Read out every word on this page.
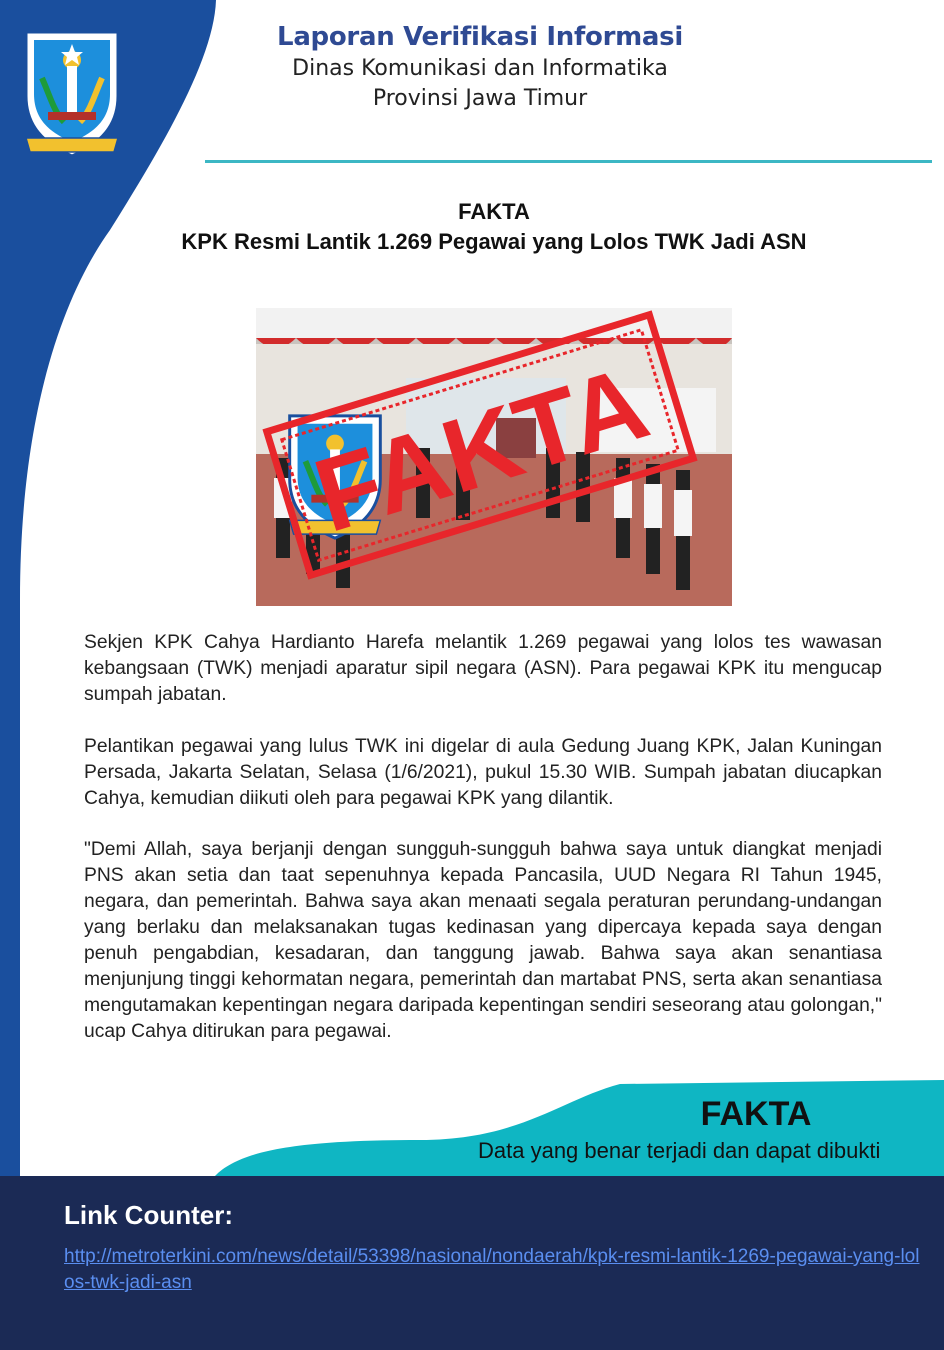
Laporan Verifikasi Informasi
Dinas Komunikasi dan Informatika
Provinsi Jawa Timur
FAKTA
KPK Resmi Lantik 1.269 Pegawai yang Lolos TWK Jadi ASN
FAKTA

Sekjen KPK Cahya Hardianto Harefa melantik 1.269 pegawai yang lolos tes wawasan kebangsaan (TWK) menjadi aparatur sipil negara (ASN). Para pegawai KPK itu mengucap sumpah jabatan.

Pelantikan pegawai yang lulus TWK ini digelar di aula Gedung Juang KPK, Jalan Kuningan Persada, Jakarta Selatan, Selasa (1/6/2021), pukul 15.30 WIB. Sumpah jabatan diucapkan Cahya, kemudian diikuti oleh para pegawai KPK yang dilantik.

"Demi Allah, saya berjanji dengan sungguh-sungguh bahwa saya untuk diangkat menjadi PNS akan setia dan taat sepenuhnya kepada Pancasila, UUD Negara RI Tahun 1945, negara, dan pemerintah. Bahwa saya akan menaati segala peraturan perundang-undangan yang berlaku dan melaksanakan tugas kedinasan yang dipercaya kepada saya dengan penuh pengabdian, kesadaran, dan tanggung jawab. Bahwa saya akan senantiasa menjunjung tinggi kehormatan negara, pemerintah dan martabat PNS, serta akan senantiasa mengutamakan kepentingan negara daripada kepentingan sendiri seseorang atau golongan," ucap Cahya ditirukan para pegawai.

FAKTA
Data yang benar terjadi dan dapat dibukti
Link Counter:
http://metroterkini.com/news/detail/53398/nasional/nondaerah/kpk-resmi-lantik-1269-pegawai-yang-lolos-twk-jadi-asn
